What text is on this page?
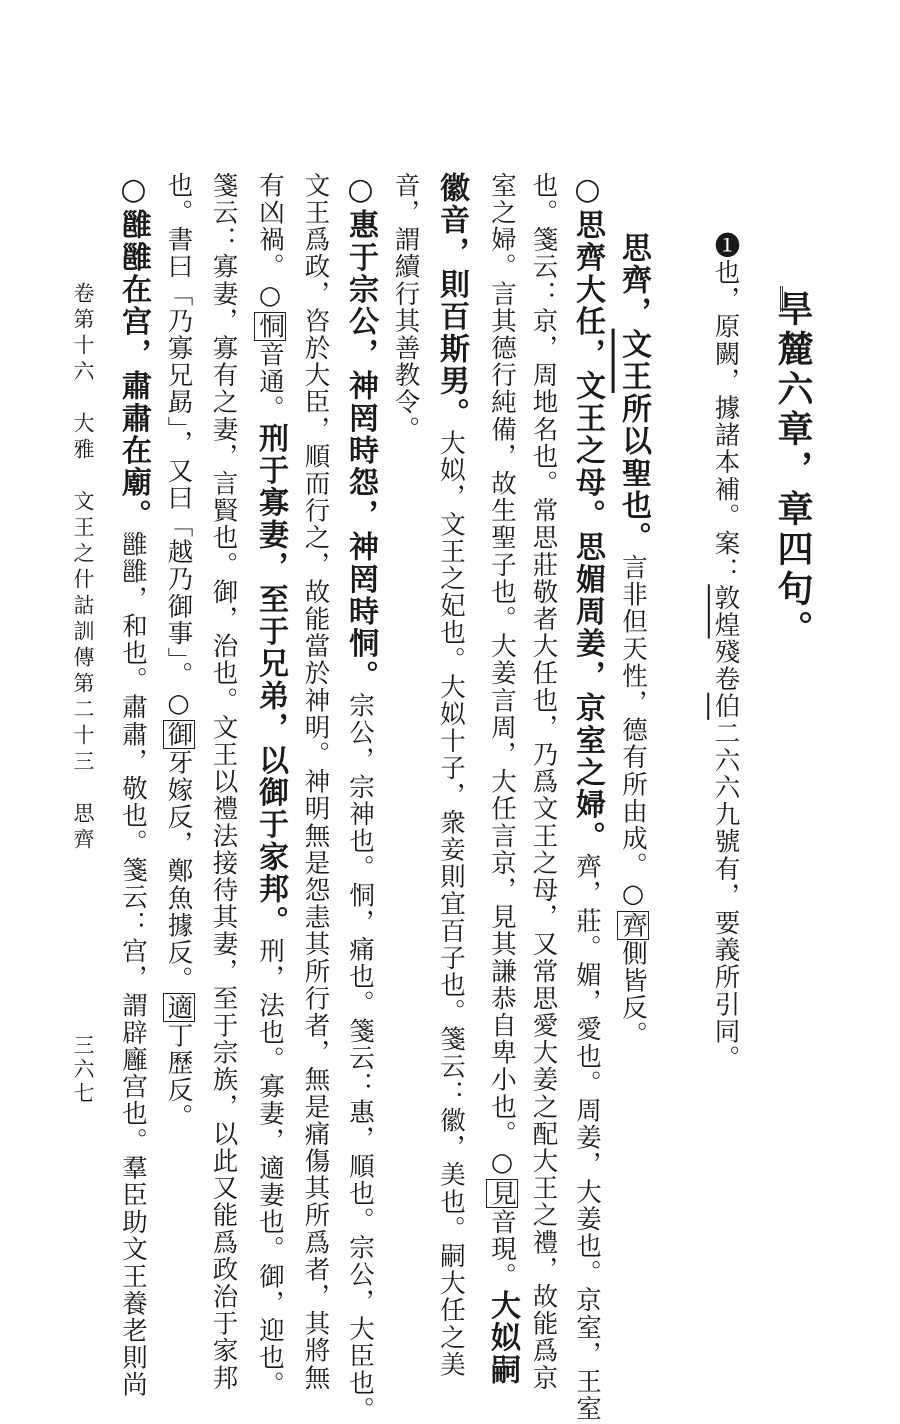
旱麓六章，章四句。
❶也，原闕，據諸本補。案：敦煌殘卷伯二六六九號有，要義所引同。
思齊，文王所以聖也。言非但天性，德有所由成。○齊側皆反。
○思齊大任，文王之母。思媚周姜，京室之婦。齊，莊。媚，愛也。周姜，大姜也。京室，王室
也。箋云：京，周地名也。常思莊敬者大任也，乃爲文王之母，又常思愛大姜之配大王之禮，故能爲京
室之婦。言其德行純備，故生聖子也。大姜言周，大任言京，見其謙恭自卑小也。○見音現。大姒嗣
徽音，則百斯男。大姒，文王之妃也。大姒十子，衆妾則宜百子也。箋云：徽，美也。嗣大任之美
音，謂續行其善教令。
○惠于宗公，神罔時怨，神罔時恫。宗公，宗神也。恫，痛也。箋云：惠，順也。宗公，大臣也。
文王爲政，咨於大臣，順而行之，故能當於神明。神明無是怨恚其所行者，無是痛傷其所爲者，其將無
有凶禍。○恫音通。刑于寡妻，至于兄弟，以御于家邦。刑，法也。寡妻，適妻也。御，迎也。
箋云：寡妻，寡有之妻，言賢也。御，治也。文王以禮法接待其妻，至于宗族，以此又能爲政治于家邦
也。書曰「乃寡兄勗」，又曰「越乃御事」。○御牙嫁反，鄭魚據反。適丁歷反。
○雝雝在宫，肅肅在廟。雝雝，和也。肅肅，敬也。箋云：宫，謂辟廱宫也。羣臣助文王養老則尚
卷第十六　大雅　文王之什詁訓傳第二十三　思齊
三六七
